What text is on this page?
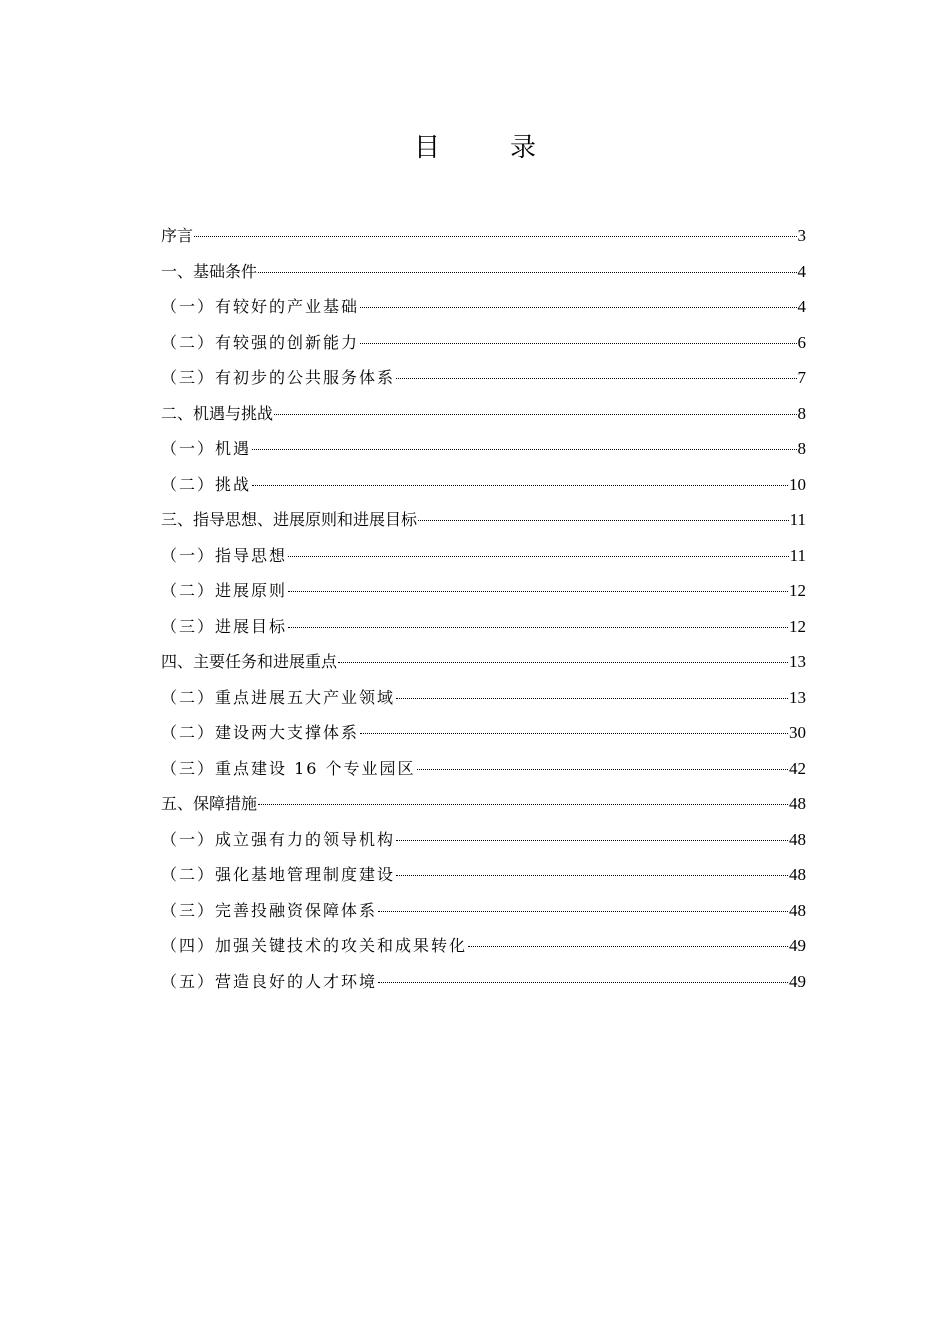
目　录
序言	3
一、基础条件	4
（一）有较好的产业基础	4
（二）有较强的创新能力	6
（三）有初步的公共服务体系	7
二、机遇与挑战	8
（一）机遇	8
（二）挑战	10
三、指导思想、进展原则和进展目标	11
（一）指导思想	11
（二）进展原则	12
（三）进展目标	12
四、主要任务和进展重点	13
（二）重点进展五大产业领域	13
（二）建设两大支撑体系	30
（三）重点建设 16 个专业园区	42
五、保障措施	48
（一）成立强有力的领导机构	48
（二）强化基地管理制度建设	48
（三）完善投融资保障体系	48
（四）加强关键技术的攻关和成果转化	49
（五）营造良好的人才环境	49
